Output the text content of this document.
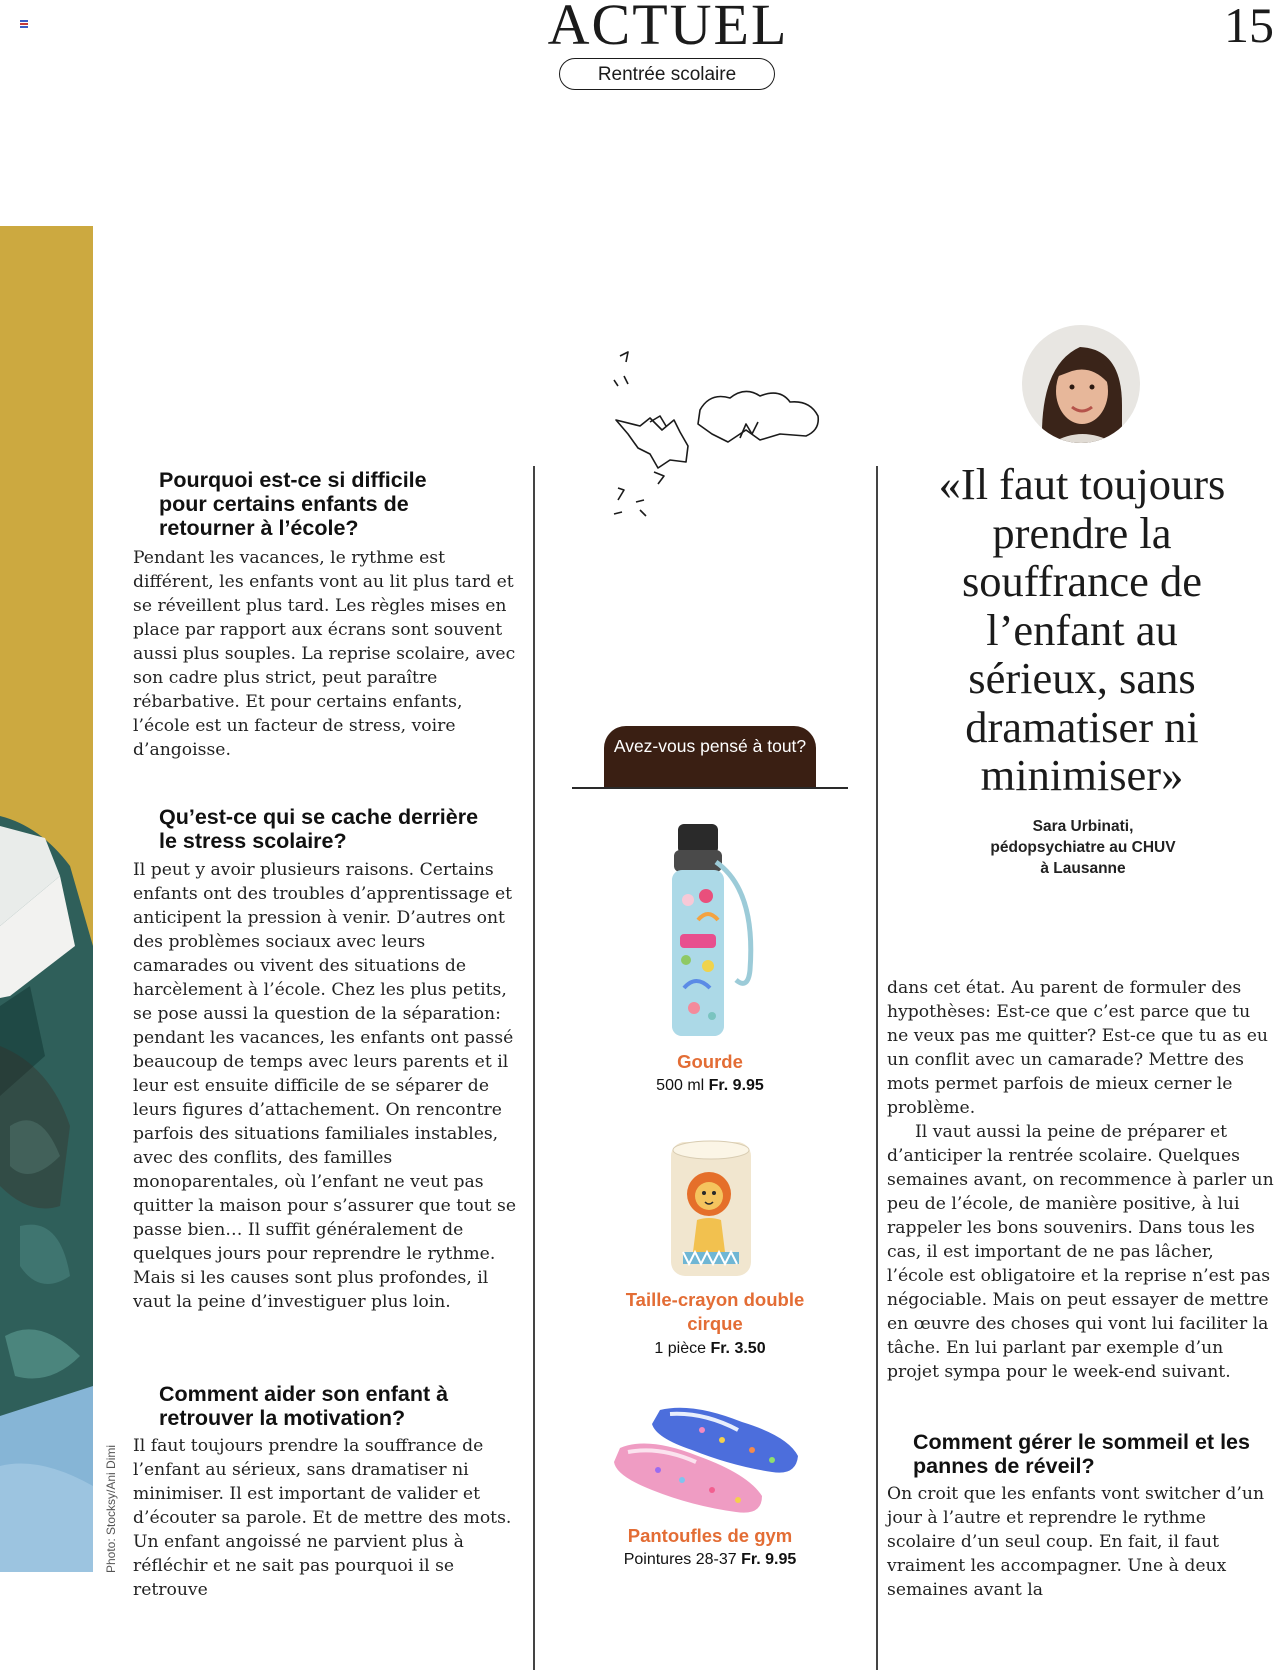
ACTUEL
Rentrée scolaire
15
Photo: Stocksy/Ani Dimi
Pourquoi est-ce si difficile pour certains enfants de retourner à l’école?

Pendant les vacances, le rythme est différent, les enfants vont au lit plus tard et se réveillent plus tard. Les règles mises en place par rapport aux écrans sont souvent aussi plus souples. La reprise scolaire, avec son cadre plus strict, peut paraître rébarbative. Et pour certains enfants, l’école est un facteur de stress, voire d’angoisse.

Qu’est-ce qui se cache derrière le stress scolaire?

Il peut y avoir plusieurs raisons. Certains enfants ont des troubles d’apprentissage et anticipent la pression à venir. D’autres ont des problèmes sociaux avec leurs camarades ou vivent des situations de harcèlement à l’école. Chez les plus petits, se pose aussi la question de la séparation: pendant les vacances, les enfants ont passé beaucoup de temps avec leurs parents et il leur est ensuite difficile de se séparer de leurs figures d’attachement. On rencontre parfois des situations familiales instables, avec des conflits, des familles monoparentales, où l’enfant ne veut pas quitter la maison pour s’assurer que tout se passe bien… Il suffit généralement de quelques jours pour reprendre le rythme. Mais si les causes sont plus profondes, il vaut la peine d’investiguer plus loin.

Comment aider son enfant à retrouver la motivation?

Il faut toujours prendre la souffrance de l’enfant au sérieux, sans dramatiser ni minimiser. Il est important de valider et d’écouter sa parole. Et de mettre des mots. Un enfant angoissé ne parvient plus à réfléchir et ne sait pas pourquoi il se retrouve

Avez-vous pensé à tout?
Gourde
500 ml Fr. 9.95
Taille-crayon double cirque
1 pièce Fr. 3.50
Pantoufles de gym
Pointures 28-37 Fr. 9.95
«Il faut toujours prendre la souffrance de l’enfant au sérieux, sans dramatiser ni minimiser»
Sara Urbinati,
pédopsychiatre au CHUV
à Lausanne

dans cet état. Au parent de formuler des hypothèses: Est-ce que c’est parce que tu ne veux pas me quitter? Est-ce que tu as eu un conflit avec un camarade? Mettre des mots permet parfois de mieux cerner le problème.

Il vaut aussi la peine de préparer et d’anticiper la rentrée scolaire. Quelques semaines avant, on recommence à parler un peu de l’école, de manière positive, à lui rappeler les bons souvenirs. Dans tous les cas, il est important de ne pas lâcher, l’école est obligatoire et la reprise n’est pas négociable. Mais on peut essayer de mettre en œuvre des choses qui vont lui faciliter la tâche. En lui parlant par exemple d’un projet sympa pour le week-end suivant.

Comment gérer le sommeil et les pannes de réveil?

On croit que les enfants vont switcher d’un jour à l’autre et reprendre le rythme scolaire d’un seul coup. En fait, il faut vraiment les accompagner. Une à deux semaines avant la
